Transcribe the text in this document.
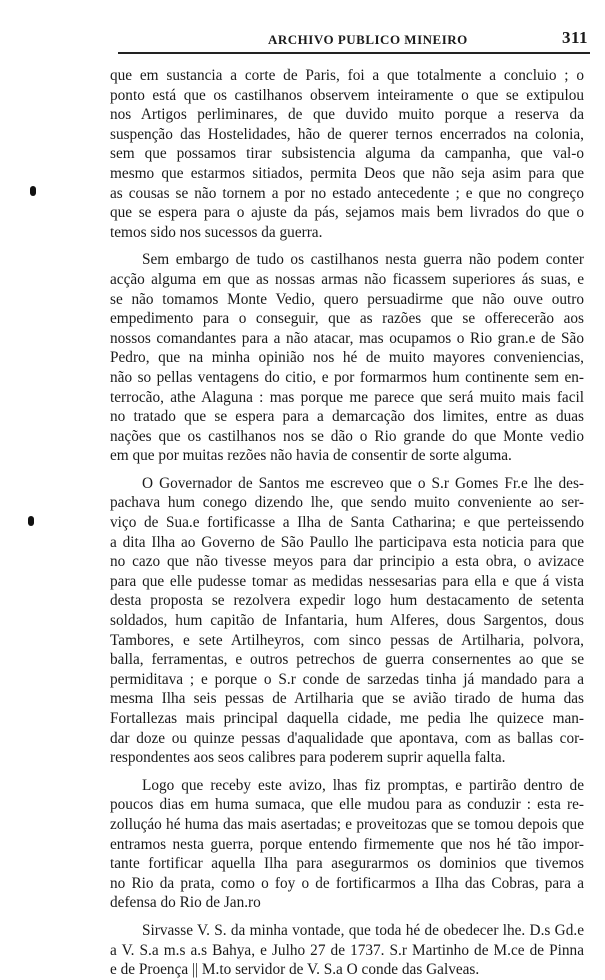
ARCHIVO PUBLICO MINEIRO	311
que em sustancia a corte de Paris, foi a que totalmente a concluio ; o
ponto está que os castilhanos observem inteiramente o que se extipulou
nos Artigos perliminares, de que duvido muito porque a reserva da
suspenção das Hostelidades, hão de querer ternos encerrados na colonia,
sem que possamos tirar subsistencia alguma da campanha, que val-o
mesmo que estarmos sitiados, permita Deos que não seja asim para que
as cousas se não tornem a por no estado antecedente ; e que no congreço
que se espera para o ajuste da pás, sejamos mais bem livrados do que o
temos sido nos sucessos da guerra.
Sem embargo de tudo os castilhanos nesta guerra não podem conter
acção alguma em que as nossas armas não ficassem superiores ás suas, e
se não tomamos Monte Vedio, quero persuadirme que não ouve outro
empedimento para o conseguir, que as razões que se offerecerão aos
nossos comandantes para a não atacar, mas ocupamos o Rio gran.e de São
Pedro, que na minha opinião nos hé de muito mayores conveniencias,
não so pellas ventagens do citio, e por formarmos hum continente sem en-
terrocão, athe Alaguna : mas porque me parece que será muito mais facil
no tratado que se espera para a demarcação dos limites, entre as duas
nações que os castilhanos nos se dão o Rio grande do que Monte vedio
em que por muitas rezões não havia de consentir de sorte alguma.
O Governador de Santos me escreveo que o S.r Gomes Fr.e lhe des-
pachava hum conego dizendo lhe, que sendo muito conveniente ao ser-
viço de Sua.e fortificasse a Ilha de Santa Catharina; e que perteissendo
a dita Ilha ao Governo de São Paullo lhe participava esta noticia para que
no cazo que não tivesse meyos para dar principio a esta obra, o avizace
para que elle pudesse tomar as medidas nessesarias para ella e que á vista
desta proposta se rezolvera expedir logo hum destacamento de setenta
soldados, hum capitão de Infantaria, hum Alferes, dous Sargentos, dous
Tambores, e sete Artilheyros, com sinco pessas de Artilharia, polvora,
balla, ferramentas, e outros petrechos de guerra consernentes ao que se
permiditava ; e porque o S.r conde de sarzedas tinha já mandado para a
mesma Ilha seis pessas de Artilharia que se avião tirado de huma das
Fortallezas mais principal daquella cidade, me pedia lhe quizece man-
dar doze ou quinze pessas d'aqualidade que apontava, com as ballas cor-
respondentes aos seos calibres para poderem suprir aquella falta.
Logo que receby este avizo, lhas fiz promptas, e partirão dentro de
poucos dias em huma sumaca, que elle mudou para as conduzir : esta re-
zolluçáo hé huma das mais asertadas; e proveitozas que se tomou depois que
entramos nesta guerra, porque entendo firmemente que nos hé tão impor-
tante fortificar aquella Ilha para asegurarmos os dominios que tivemos
no Rio da prata, como o foy o de fortificarmos a Ilha das Cobras, para a
defensa do Rio de Jan.ro
Sirvasse V. S. da minha vontade, que toda hé de obedecer lhe. D.s Gd.e
a V. S.a m.s a.s Bahya, e Julho 27 de 1737. S.r Martinho de M.ce de Pinna
e de Proença || M.to servidor de V. S.a O conde das Galveas.
